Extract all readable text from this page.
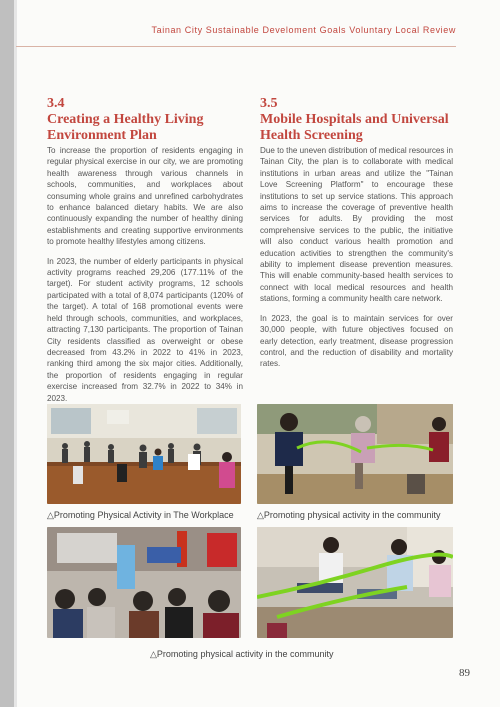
Tainan City Sustainable Develoment Goals Voluntary Local Review
3.4
Creating a Healthy Living
Environment Plan

To increase the proportion of residents engaging in regular physical exercise in our city, we are promoting health awareness through various channels in schools, communities, and workplaces about consuming whole grains and unrefined carbohydrates to enhance balanced dietary habits. We are also continuously expanding the number of healthy dining establishments and creating supportive environments to promote healthy lifestyles among citizens.

In 2023, the number of elderly participants in physical activity programs reached 29,206 (177.11% of the target). For student activity programs, 12 schools participated with a total of 8,074 participants (120% of the target). A total of 168 promotional events were held through schools, communities, and workplaces, attracting 7,130 participants. The proportion of Tainan City residents classified as overweight or obese decreased from 43.2% in 2022 to 41% in 2023, ranking third among the six major cities. Additionally, the proportion of residents engaging in regular exercise increased from 32.7% in 2022 to 34% in 2023.

3.5
Mobile Hospitals and Universal
Health Screening

Due to the uneven distribution of medical resources in Tainan City, the plan is to collaborate with medical institutions in urban areas and utilize the "Tainan Love Screening Platform" to encourage these institutions to set up service stations. This approach aims to increase the coverage of preventive health services for adults. By providing the most comprehensive services to the public, the initiative will also conduct various health promotion and education activities to strengthen the community's ability to implement disease prevention measures. This will enable community-based health services to connect with local medical resources and health stations, forming a community health care network.

In 2023, the goal is to maintain services for over 30,000 people, with future objectives focused on early detection, early treatment, disease progression control, and the reduction of disability and mortality rates.

△Promoting Physical Activity in The Workplace	△Promoting physical activity in the community
△Promoting physical activity in the community
89
